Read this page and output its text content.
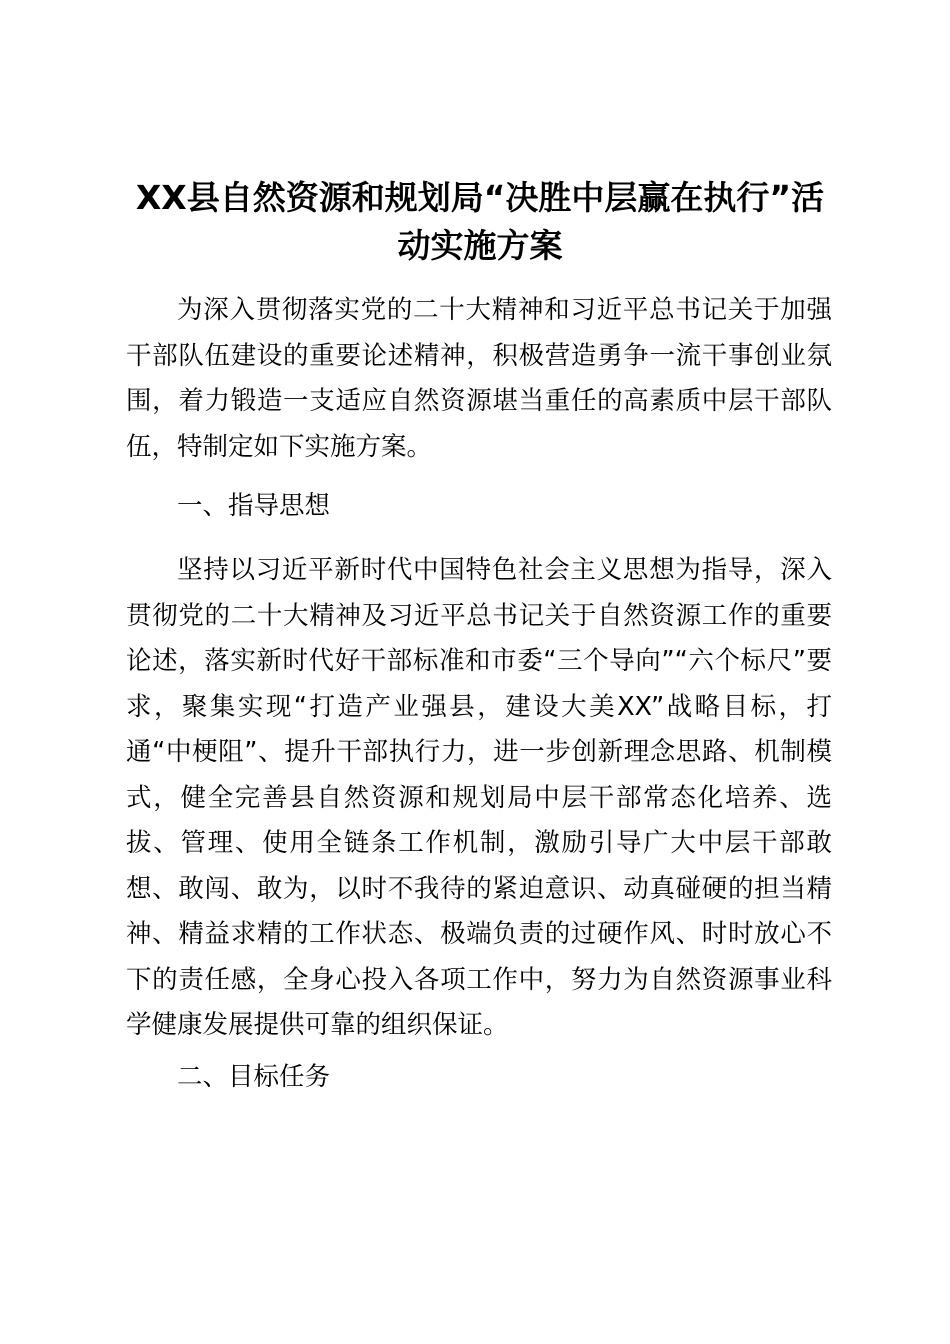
XX县自然资源和规划局“决胜中层赢在执行”活动实施方案

为深入贯彻落实党的二十大精神和习近平总书记关于加强干部队伍建设的重要论述精神，积极营造勇争一流干事创业氛围，着力锻造一支适应自然资源堪当重任的高素质中层干部队伍，特制定如下实施方案。

一、指导思想

坚持以习近平新时代中国特色社会主义思想为指导，深入贯彻党的二十大精神及习近平总书记关于自然资源工作的重要论述，落实新时代好干部标准和市委“三个导向”“六个标尺”要求，聚集实现“打造产业强县，建设大美XX”战略目标，打通“中梗阻”、提升干部执行力，进一步创新理念思路、机制模式，健全完善县自然资源和规划局中层干部常态化培养、选拔、管理、使用全链条工作机制，激励引导广大中层干部敢想、敢闯、敢为，以时不我待的紧迫意识、动真碰硬的担当精神、精益求精的工作状态、极端负责的过硬作风、时时放心不下的责任感，全身心投入各项工作中，努力为自然资源事业科学健康发展提供可靠的组织保证。

二、目标任务
